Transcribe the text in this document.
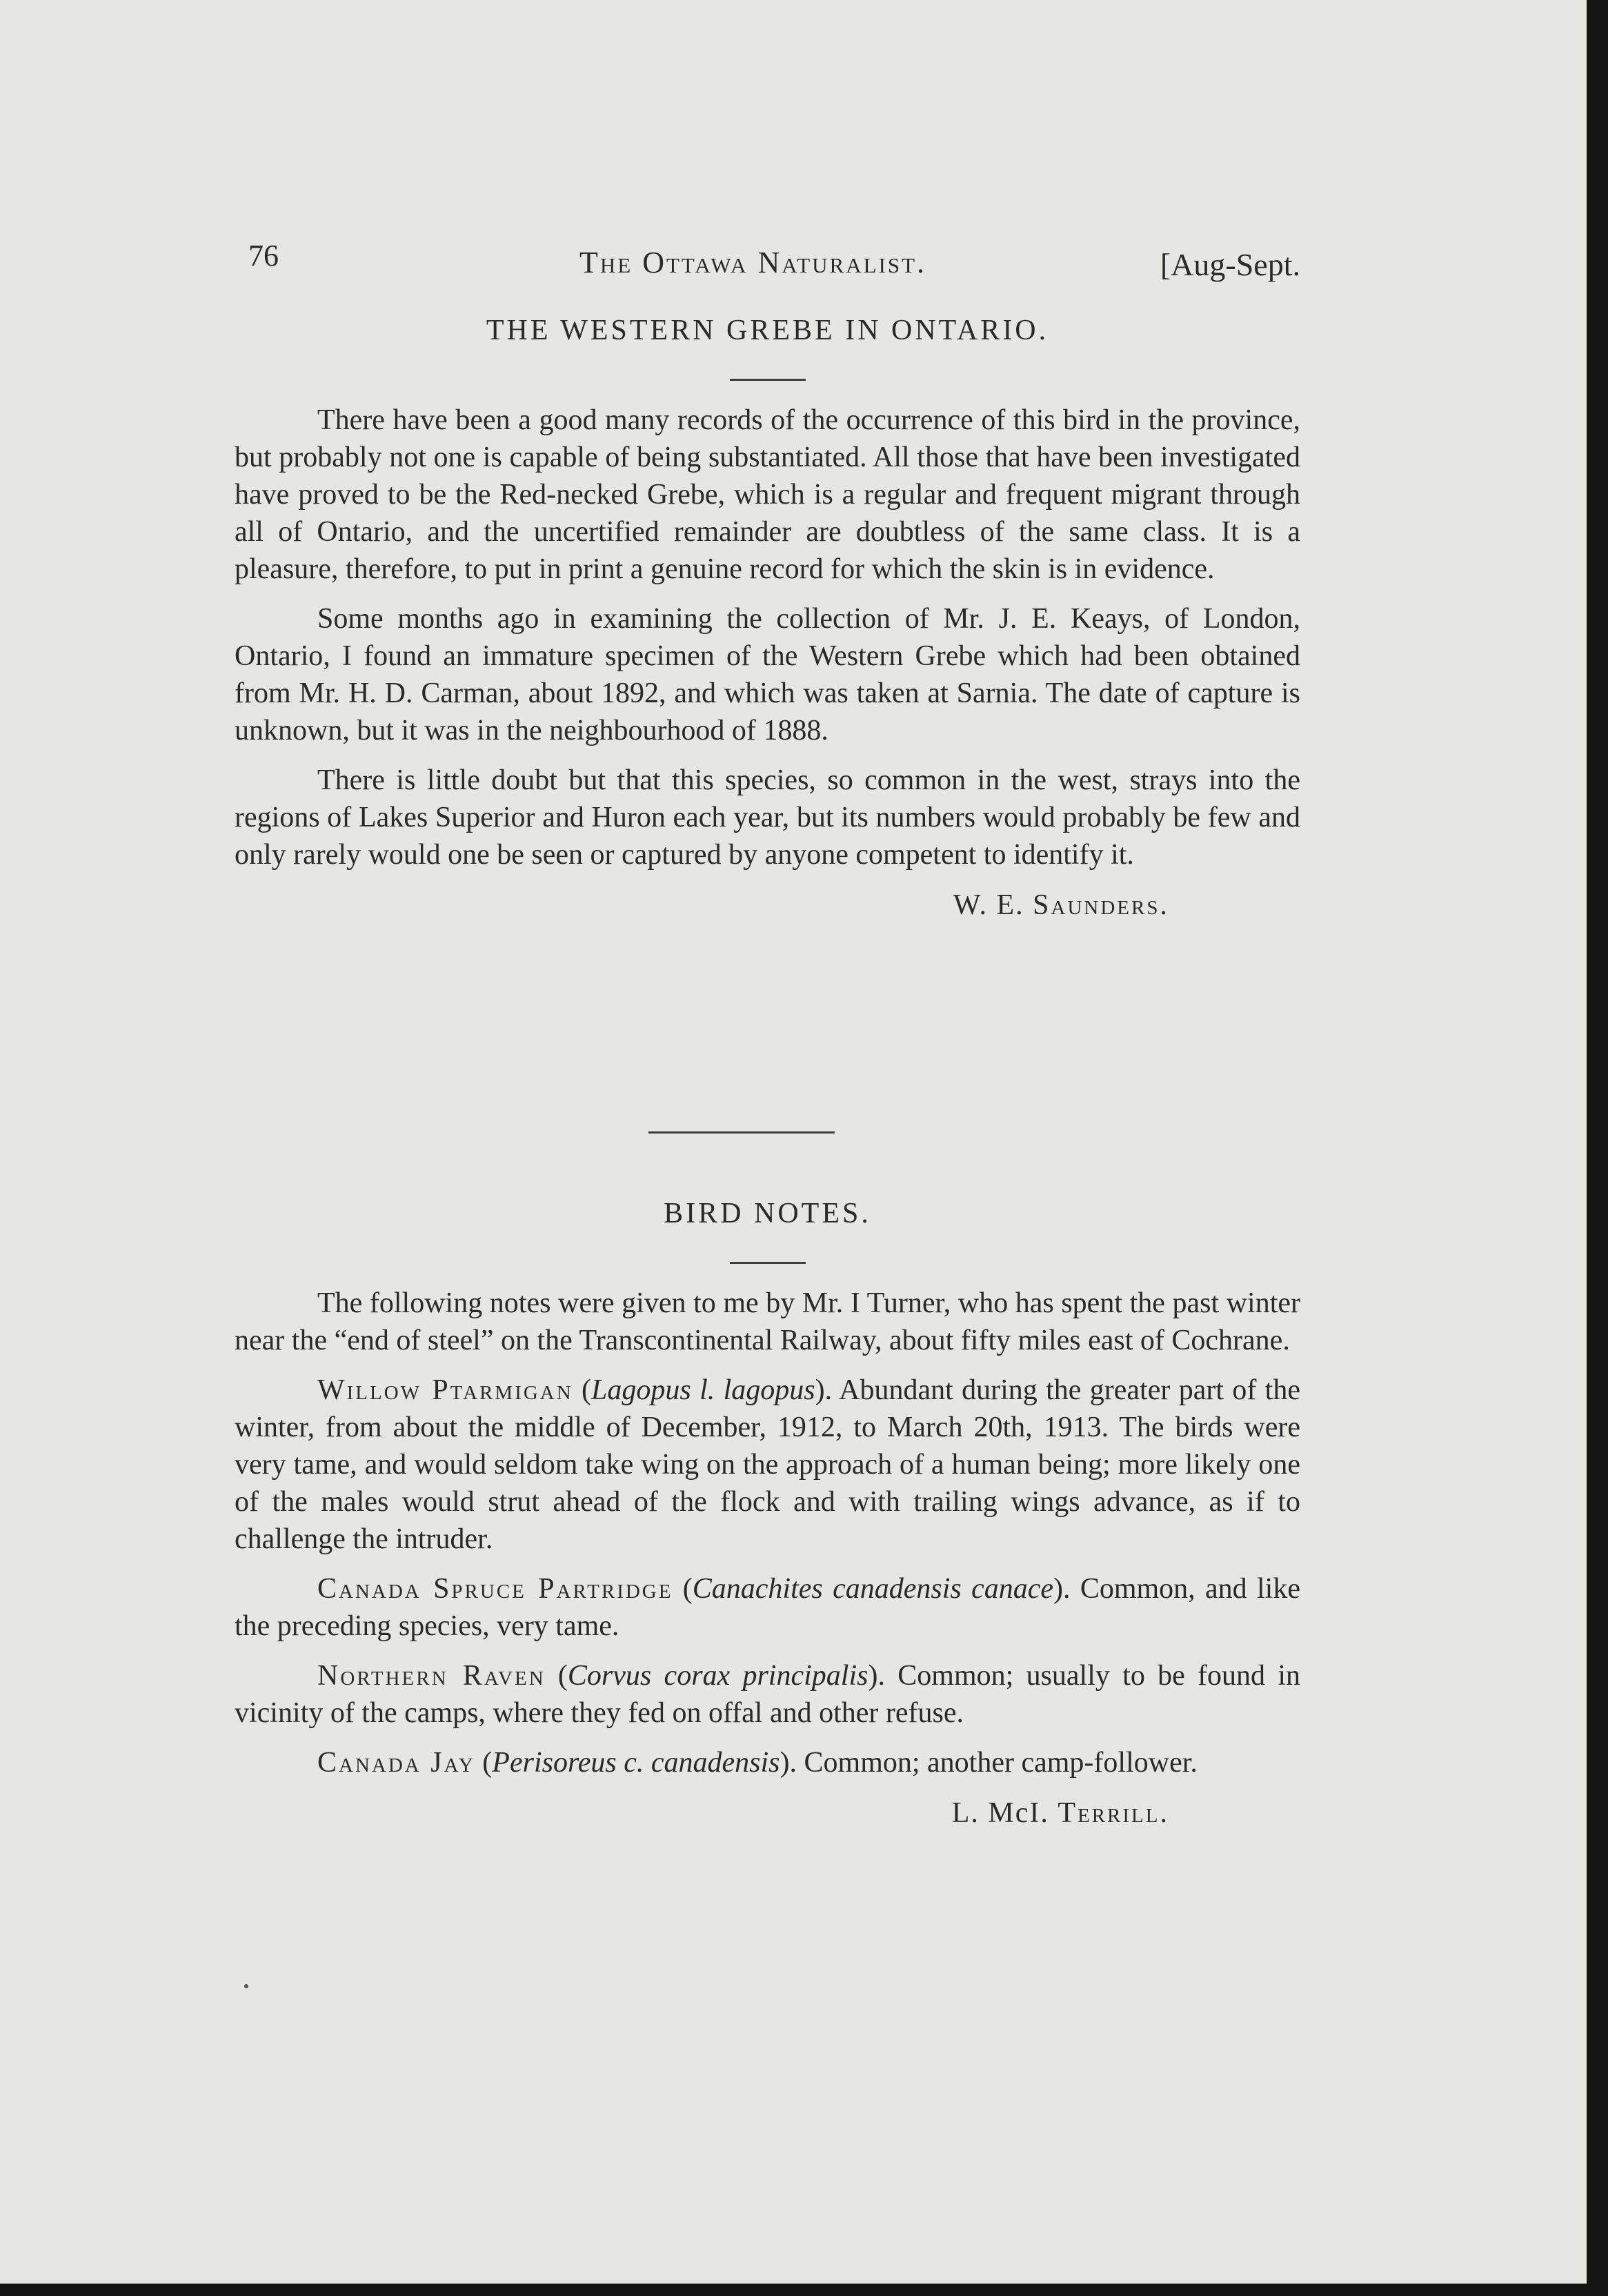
76	The Ottawa Naturalist.	[Aug-Sept.
THE WESTERN GREBE IN ONTARIO.

There have been a good many records of the occurrence of this bird in the province, but probably not one is capable of being substantiated. All those that have been investigated have proved to be the Red-necked Grebe, which is a regular and frequent migrant through all of Ontario, and the uncertified remainder are doubtless of the same class. It is a pleasure, therefore, to put in print a genuine record for which the skin is in evidence.

Some months ago in examining the collection of Mr. J. E. Keays, of London, Ontario, I found an immature specimen of the Western Grebe which had been obtained from Mr. H. D. Carman, about 1892, and which was taken at Sarnia. The date of capture is unknown, but it was in the neighbourhood of 1888.

There is little doubt but that this species, so common in the west, strays into the regions of Lakes Superior and Huron each year, but its numbers would probably be few and only rarely would one be seen or captured by anyone competent to identify it.

W. E. Saunders.
BIRD NOTES.

The following notes were given to me by Mr. I Turner, who has spent the past winter near the “end of steel” on the Transcontinental Railway, about fifty miles east of Cochrane.

Willow Ptarmigan (Lagopus l. lagopus). Abundant during the greater part of the winter, from about the middle of December, 1912, to March 20th, 1913. The birds were very tame, and would seldom take wing on the approach of a human being; more likely one of the males would strut ahead of the flock and with trailing wings advance, as if to challenge the intruder.

Canada Spruce Partridge (Canachites canadensis canace). Common, and like the preceding species, very tame.

Northern Raven (Corvus corax principalis). Common; usually to be found in vicinity of the camps, where they fed on offal and other refuse.

Canada Jay (Perisoreus c. canadensis). Common; another camp-follower.

L. McI. Terrill.
